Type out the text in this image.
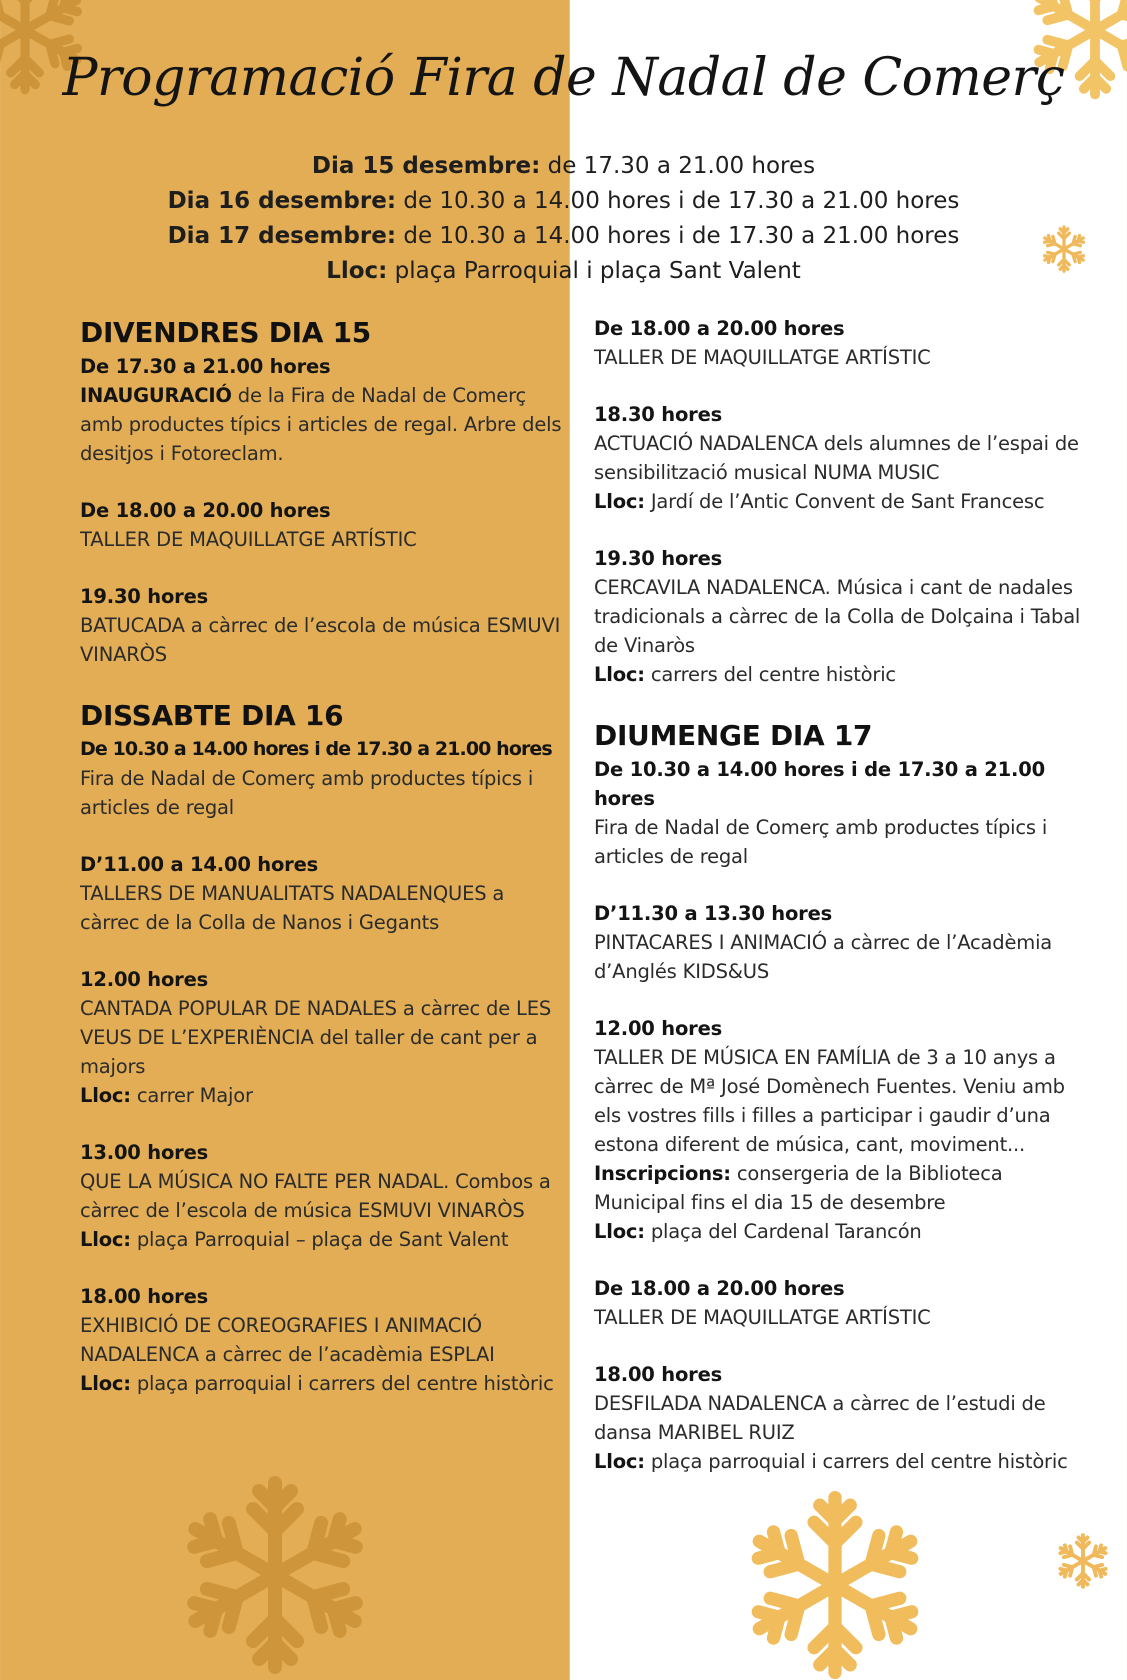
Programació Fira de Nadal de Comerç
Dia 15 desembre: de 17.30 a 21.00 hores
Dia 16 desembre: de 10.30 a 14.00 hores i de 17.30 a 21.00 hores
Dia 17 desembre: de 10.30 a 14.00 hores i de 17.30 a 21.00 hores
Lloc: plaça Parroquial i plaça Sant Valent
DIVENDRES DIA 15
De 17.30 a 21.00 hores
INAUGURACIÓ de la Fira de Nadal de Comerç amb productes típics i articles de regal. Arbre dels desitjos i Fotoreclam.
De 18.00 a 20.00 hores
TALLER DE MAQUILLATGE ARTÍSTIC
19.30 hores
BATUCADA a càrrec de l’escola de música ESMUVI VINARÒS
DISSABTE DIA 16
De 10.30 a 14.00 hores i de 17.30 a 21.00 hores
Fira de Nadal de Comerç amb productes típics i articles de regal
D’11.00 a 14.00 hores
TALLERS DE MANUALITATS NADALENQUES a càrrec de la Colla de Nanos i Gegants
12.00 hores
CANTADA POPULAR DE NADALES a càrrec de LES VEUS DE L’EXPERIÈNCIA del taller de cant per a majors
Lloc: carrer Major
13.00 hores
QUE LA MÚSICA NO FALTE PER NADAL. Combos a càrrec de l’escola de música ESMUVI VINARÒS
Lloc: plaça Parroquial – plaça de Sant Valent
18.00 hores
EXHIBICIÓ DE COREOGRAFIES I ANIMACIÓ NADALENCA a càrrec de l’acadèmia ESPLAI
Lloc: plaça parroquial i carrers del centre històric
De 18.00 a 20.00 hores
TALLER DE MAQUILLATGE ARTÍSTIC
18.30 hores
ACTUACIÓ NADALENCA dels alumnes de l’espai de sensibilització musical NUMA MUSIC
Lloc: Jardí de l’Antic Convent de Sant Francesc
19.30 hores
CERCAVILA NADALENCA. Música i cant de nadales tradicionals a càrrec de la Colla de Dolçaina i Tabal de Vinaròs
Lloc: carrers del centre històric
DIUMENGE DIA 17
De 10.30 a 14.00 hores i de 17.30 a 21.00 hores
Fira de Nadal de Comerç amb productes típics i articles de regal
D’11.30 a 13.30 hores
PINTACARES I ANIMACIÓ a càrrec de l’Acadèmia d’Anglés KIDS&US
12.00 hores
TALLER DE MÚSICA EN FAMÍLIA de 3 a 10 anys a càrrec de Mª José Domènech Fuentes. Veniu amb els vostres fills i filles a participar i gaudir d’una estona diferent de música, cant, moviment...
Inscripcions: consergeria de la Biblioteca Municipal fins el dia 15 de desembre
Lloc: plaça del Cardenal Tarancón
De 18.00 a 20.00 hores
TALLER DE MAQUILLATGE ARTÍSTIC
18.00 hores
DESFILADA NADALENCA a càrrec de l’estudi de dansa MARIBEL RUIZ
Lloc: plaça parroquial i carrers del centre històric
